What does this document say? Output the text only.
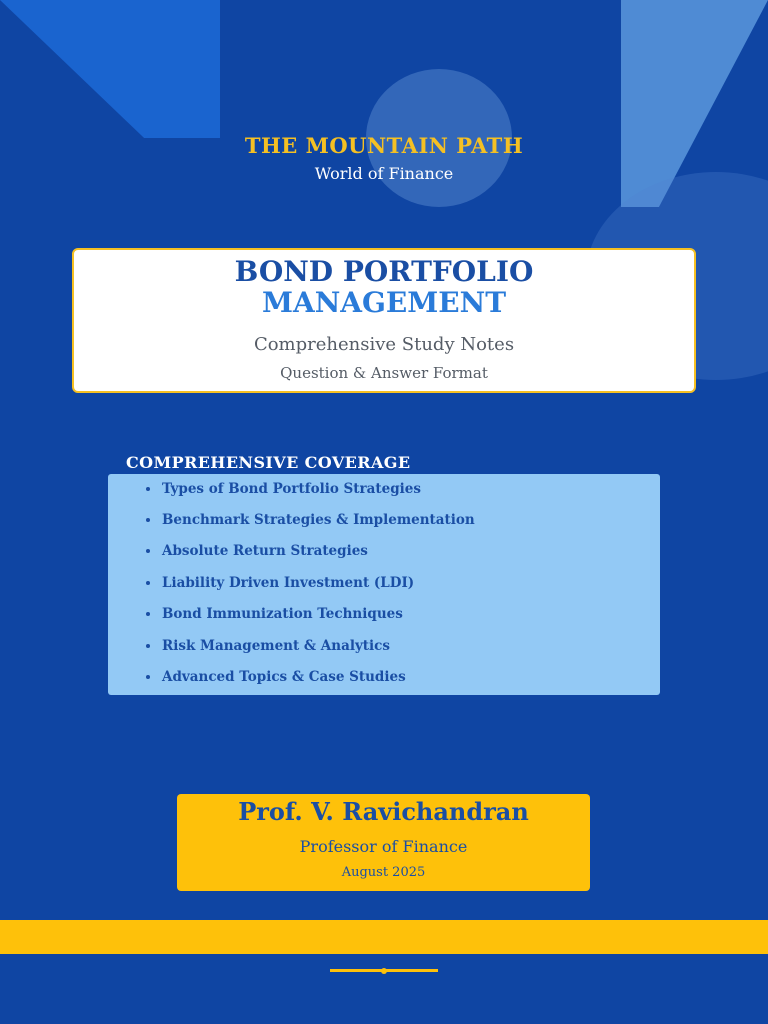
THE MOUNTAIN PATH
World of Finance
BOND PORTFOLIO
MANAGEMENT
Comprehensive Study Notes
Question & Answer Format
COMPREHENSIVE COVERAGE
Types of Bond Portfolio Strategies
Benchmark Strategies & Implementation
Absolute Return Strategies
Liability Driven Investment (LDI)
Bond Immunization Techniques
Risk Management & Analytics
Advanced Topics & Case Studies
Prof. V. Ravichandran
Professor of Finance
August 2025
